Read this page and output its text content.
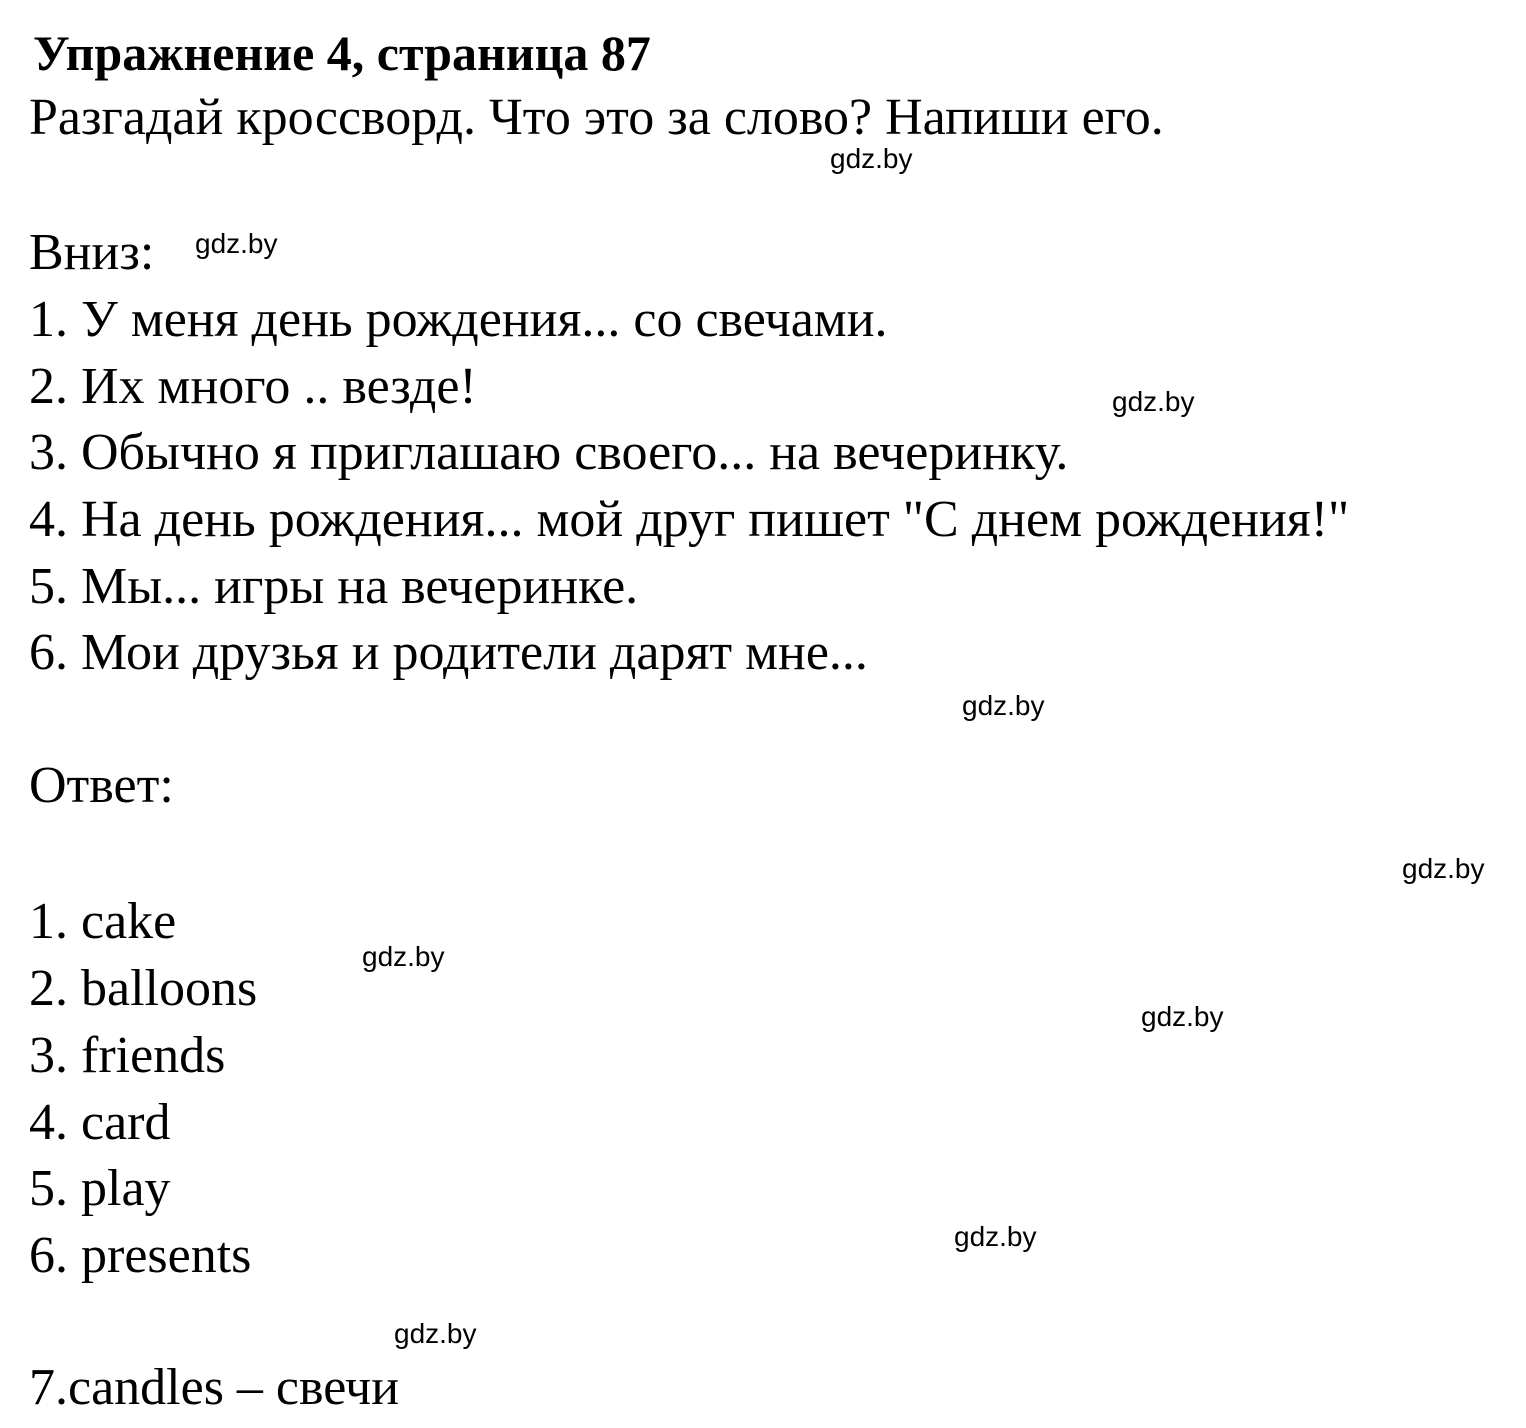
Упражнение 4, страница 87
Разгадай кроссворд. Что это за слово? Напиши его.
Вниз:
1. У меня день рождения... со свечами.
2. Их много .. везде!
3. Обычно я приглашаю своего... на вечеринку.
4. На день рождения... мой друг пишет "С днем рождения!"
5. Мы... игры на вечеринке.
6. Мои друзья и родители дарят мне...
Ответ:
1. cake
2. balloons
3. friends
4. card
5. play
6. presents
7.candles – свечи
gdz.by
gdz.by
gdz.by
gdz.by
gdz.by
gdz.by
gdz.by
gdz.by
gdz.by
